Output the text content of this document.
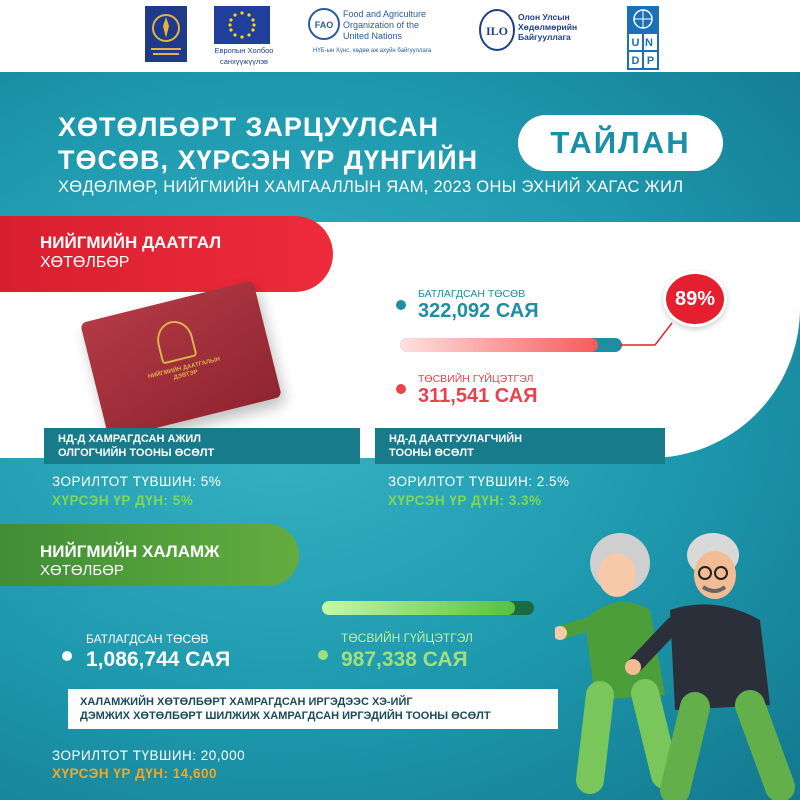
Европын Холбоо
санхүүжүүлэв
FAO
Food and Agriculture
Organization of the
United Nations
НҮБ-ын Хүнс, хөдөө аж ахуйн байгууллага
ILO
Олон Улсын
Хөдөлмөрийн
Байгууллага	U N D P
ХӨТӨЛБӨРТ ЗАРЦУУЛСАН
ТӨСӨВ, ХҮРСЭН ҮР ДҮНГИЙН	ТАЙЛАН
ХӨДӨЛМӨР, НИЙГМИЙН ХАМГААЛЛЫН ЯАМ, 2023 ОНЫ ЭХНИЙ ХАГАС ЖИЛ
НИЙГМИЙН ДААТГАЛ
ХӨТӨЛБӨР
НИЙГМИЙН ДААТГАЛЫН ДЭВТЭР
БАТЛАГДСАН ТӨСӨВ
322,092 САЯ
89%
ТӨСВИЙН ГҮЙЦЭТГЭЛ
311,541 САЯ
НД-Д ХАМРАГДСАН АЖИЛ
ОЛГОГЧИЙН ТООНЫ ӨСӨЛТ
НД-Д ДААТГУУЛАГЧИЙН
ТООНЫ ӨСӨЛТ
ЗОРИЛТОТ ТҮВШИН: 5%
ХҮРСЭН ҮР ДҮН: 5%
ЗОРИЛТОТ ТҮВШИН: 2.5%
ХҮРСЭН ҮР ДҮН: 3.3%
НИЙГМИЙН ХАЛАМЖ
ХӨТӨЛБӨР
БАТЛАГДСАН ТӨСӨВ
1,086,744 САЯ
ТӨСВИЙН ГҮЙЦЭТГЭЛ
987,338 САЯ
ХАЛАМЖИЙН ХӨТӨЛБӨРТ ХАМРАГДСАН ИРГЭДЭЭС ХЭ-ИЙГ
ДЭМЖИХ ХӨТӨЛБӨРТ ШИЛЖИЖ ХАМРАГДСАН ИРГЭДИЙН ТООНЫ ӨСӨЛТ
ЗОРИЛТОТ ТҮВШИН: 20,000
ХҮРСЭН ҮР ДҮН: 14,600
